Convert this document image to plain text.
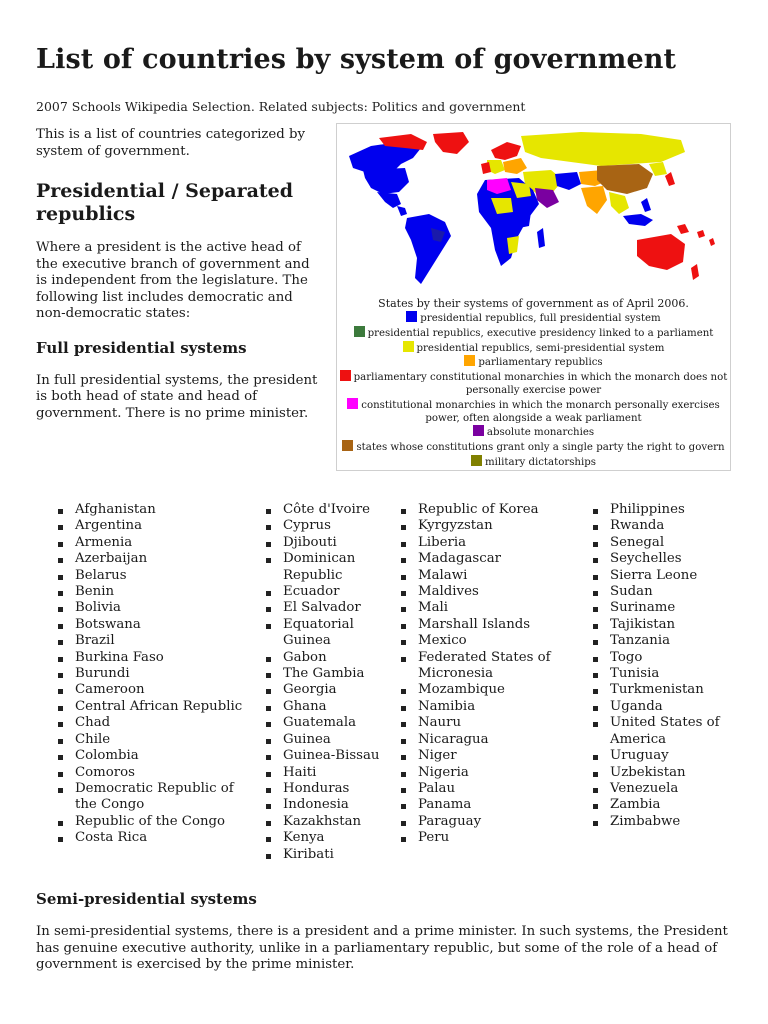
List of countries by system of government
2007 Schools Wikipedia Selection. Related subjects: Politics and government

This is a list of countries categorized by system of government.

Presidential / Separated republics

Where a president is the active head of the executive branch of government and is independent from the legislature. The following list includes democratic and non-democratic states:

Full presidential systems

In full presidential systems, the president is both head of state and head of government. There is no prime minister.

States by their systems of government as of April 2006.
presidential republics, full presidential system
presidential republics, executive presidency linked to a parliament
presidential republics, semi-presidential system
parliamentary republics
parliamentary constitutional monarchies in which the monarch does not personally exercise power
constitutional monarchies in which the monarch personally exercises power, often alongside a weak parliament
absolute monarchies
states whose constitutions grant only a single party the right to govern
military dictatorships
Afghanistan
Argentina
Armenia
Azerbaijan
Belarus
Benin
Bolivia
Botswana
Brazil
Burkina Faso
Burundi
Cameroon
Central African Republic
Chad
Chile
Colombia
Comoros
Democratic Republic of the Congo
Republic of the Congo
Costa Rica
Côte d'Ivoire
Cyprus
Djibouti
Dominican Republic
Ecuador
El Salvador
Equatorial Guinea
Gabon
The Gambia
Georgia
Ghana
Guatemala
Guinea
Guinea-Bissau
Haiti
Honduras
Indonesia
Kazakhstan
Kenya
Kiribati
Republic of Korea
Kyrgyzstan
Liberia
Madagascar
Malawi
Maldives
Mali
Marshall Islands
Mexico
Federated States of Micronesia
Mozambique
Namibia
Nauru
Nicaragua
Niger
Nigeria
Palau
Panama
Paraguay
Peru
Philippines
Rwanda
Senegal
Seychelles
Sierra Leone
Sudan
Suriname
Tajikistan
Tanzania
Togo
Tunisia
Turkmenistan
Uganda
United States of America
Uruguay
Uzbekistan
Venezuela
Zambia
Zimbabwe
Semi-presidential systems

In semi-presidential systems, there is a president and a prime minister. In such systems, the President has genuine executive authority, unlike in a parliamentary republic, but some of the role of a head of government is exercised by the prime minister.
